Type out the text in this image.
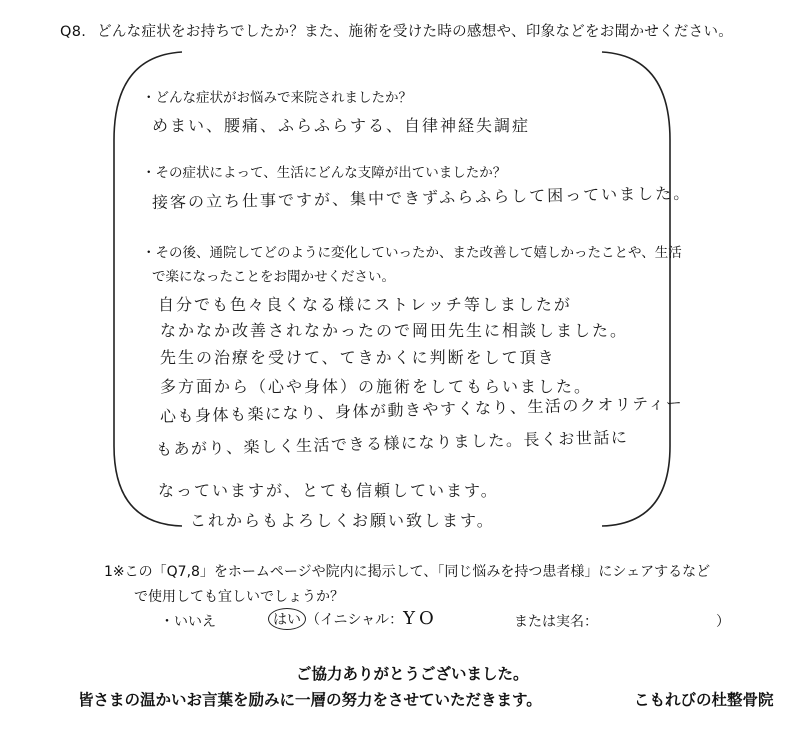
Q8. どんな症状をお持ちでしたか？また、施術を受けた時の感想や、印象などをお聞かせください。
・どんな症状がお悩みで来院されましたか？
めまい、腰痛、ふらふらする、自律神経失調症
・その症状によって、生活にどんな支障が出ていましたか？
接客の立ち仕事ですが、集中できずふらふらして困っていました。
・その後、通院してどのように変化していったか、また改善して嬉しかったことや、生活
で楽になったことをお聞かせください。
自分でも色々良くなる様にストレッチ等しましたが
なかなか改善されなかったので岡田先生に相談しました。
先生の治療を受けて、てきかくに判断をして頂き
多方面から（心や身体）の施術をしてもらいました。
心も身体も楽になり、身体が動きやすくなり、生活のクオリティー
もあがり、楽しく生活できる様になりました。長くお世話に
なっていますが、とても信頼しています。
これからもよろしくお願い致します。
1※この「Q7,8」をホームページや院内に掲示して、「同じ悩みを持つ患者様」にシェアするなど
で使用しても宜しいでしょうか？
・いいえ	はい （イニシャル：YO	または実名：	）
ご協力ありがとうございました。
皆さまの温かいお言葉を励みに一層の努力をさせていただきます。	こもれびの杜整骨院
